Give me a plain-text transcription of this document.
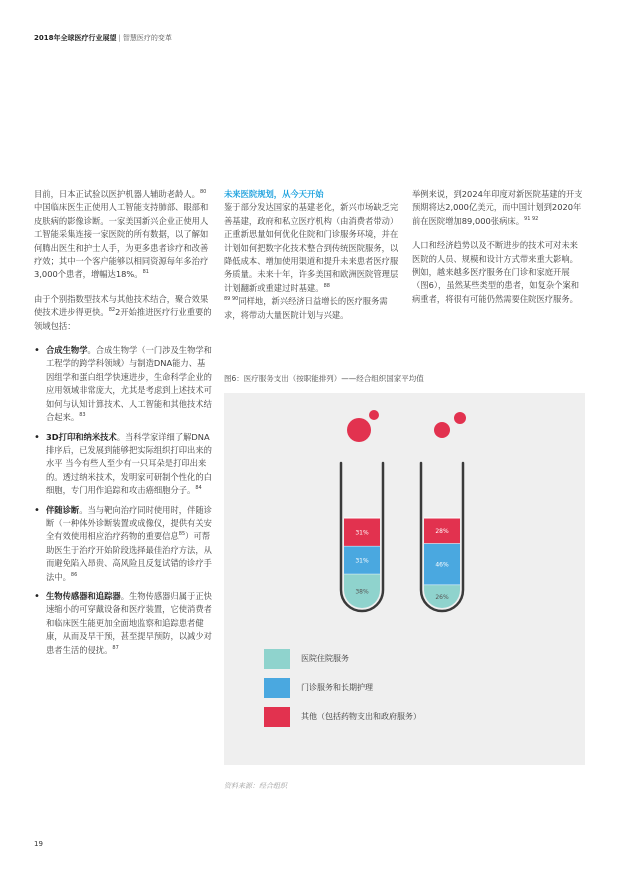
2018年全球医疗行业展望 | 智慧医疗的变革

目前，日本正试验以医护机器人辅助老龄人。$^{80}$中国临床医生正使用人工智能支持肺部、眼部和皮肤病的影像诊断。一家美国新兴企业正使用人工智能采集连接一家医院的所有数据，以了解如何腾出医生和护士人手，为更多患者诊疗和改善疗效；其中一个客户能够以相同资源每年多治疗3,000个患者，增幅达18%。$^{81}$

由于个别指数型技术与其他技术结合，聚合效果使技术进步得更快。$^{82}$2开始推进医疗行业重要的领域包括：

• 合成生物学。合成生物学（一门涉及生物学和工程学的跨学科领域）与制造DNA能力、基因组学和蛋白组学快速进步，生命科学企业的应用领域非常庞大，尤其是考虑到上述技术可如何与认知计算技术、人工智能和其他技术结合起来。$^{83}$
• 3D打印和纳米技术。当科学家详细了解DNA 排序后，已发展到能够把实际组织打印出来的水平 当今有些人至少有一只耳朵是打印出来的。透过纳米技术，发明家可研制个性化的白细胞，专门用作追踪和攻击癌细胞分子。$^{84}$
• 伴随诊断。当与靶向治疗同时使用时，伴随诊断（一种体外诊断装置或成像仪，提供有关安全有效使用相应治疗药物的重要信息$^{85}$）可帮助医生于治疗开始阶段选择最佳治疗方法，从而避免陷入昂贵、高风险且反复试错的诊疗手法中。$^{86}$
• 生物传感器和追踪器。生物传感器归属于正快速缩小的可穿戴设备和医疗装置，它使消费者和临床医生能更加全面地监察和追踪患者健康，从而及早干预，甚至提早预防，以减少对患者生活的侵扰。$^{87}$
未来医院规划，从今天开始

鉴于部分发达国家的基建老化，新兴市场缺乏完善基建，政府和私立医疗机构（由消费者带动）正重新思量如何优化住院和门诊服务环境，并在计划如何把数字化技术整合到传统医院服务，以降低成本、增加使用渠道和提升未来患者医疗服务质量。未来十年，许多美国和欧洲医院管理层计划翻新或重建过时基建。$^{88}$
$^{89 90}$同样地，新兴经济日益增长的医疗服务需求，将带动大量医院计划与兴建。

举例来说，到2024年印度对新医院基建的开支预期将达2,000亿美元，而中国计划到2020年前在医院增加89,000张病床。$^{91 92}$

人口和经济趋势以及不断进步的技术可对未来医院的人员、规模和设计方式带来重大影响。例如，越来越多医疗服务在门诊和家庭开展（图6），虽然某些类型的患者，如复杂个案和病重者，将很有可能仍然需要住院医疗服务。

图6：医疗服务支出（按职能排列）——经合组织国家平均值
38%
31%
31%
26%
46%
28%
医院住院服务
门诊服务和长期护理
其他（包括药物支出和政府服务）
资料来源：经合组织
19
